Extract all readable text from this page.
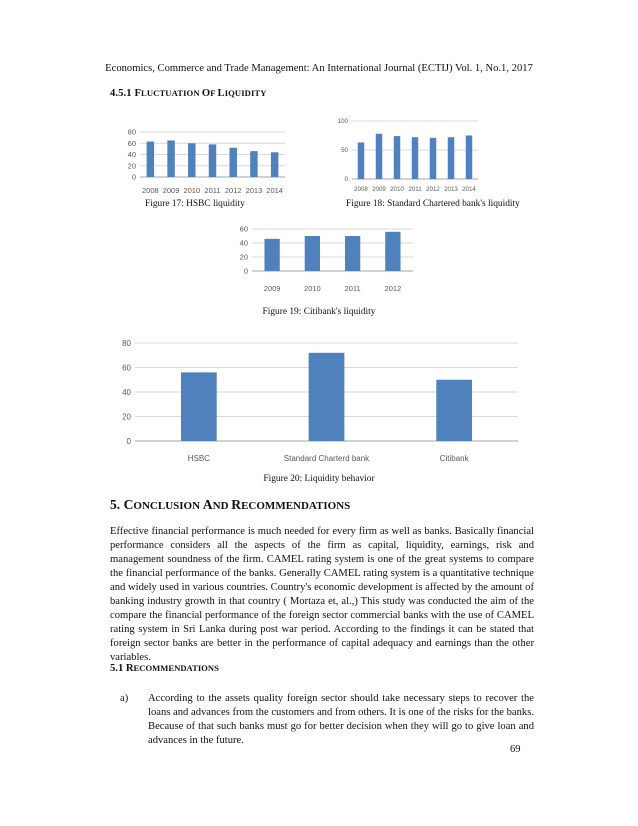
Economics, Commerce and Trade Management: An International Journal (ECTIJ) Vol. 1, No.1, 2017
4.5.1 FLUCTUATION OF LIQUIDITY
0
20
40
60
80
2008 2009 2010 2011 2012 2013 2014
0
50
100
2008 2009 2010 2011 2012 2013 2014
0
20
40
60
2009	2010	2011	2012
0
20
40
60
80
HSBC	Standard Charterd bank	Citibank
Figure 17: HSBC liquidity	Figure 18: Standard Chartered bank's liquidity
Figure 19: Citibank's liquidity
Figure 20: Liquidity behavior
5. CONCLUSION AND RECOMMENDATIONS
Effective financial performance is much needed for every firm as well as banks. Basically financial performance considers all the aspects of the firm as capital, liquidity, earnings, risk and management soundness of the firm. CAMEL rating system is one of the great systems to compare the financial performance of the banks. Generally CAMEL rating system is a quantitative technique and widely used in various countries. Country's economic development is affected by the amount of banking industry growth in that country ( Mortaza et, al.,) This study was conducted the aim of the compare the financial performance of the foreign sector commercial banks with the use of CAMEL rating system in Sri Lanka during post war period. According to the findings it can be stated that foreign sector banks are better in the performance of capital adequacy and earnings than the other variables.
5.1 RECOMMENDATIONS
a) According to the assets quality foreign sector should take necessary steps to recover the loans and advances from the customers and from others. It is one of the risks for the banks. Because of that such banks must go for better decision when they will go to give loan and advances in the future.
69
